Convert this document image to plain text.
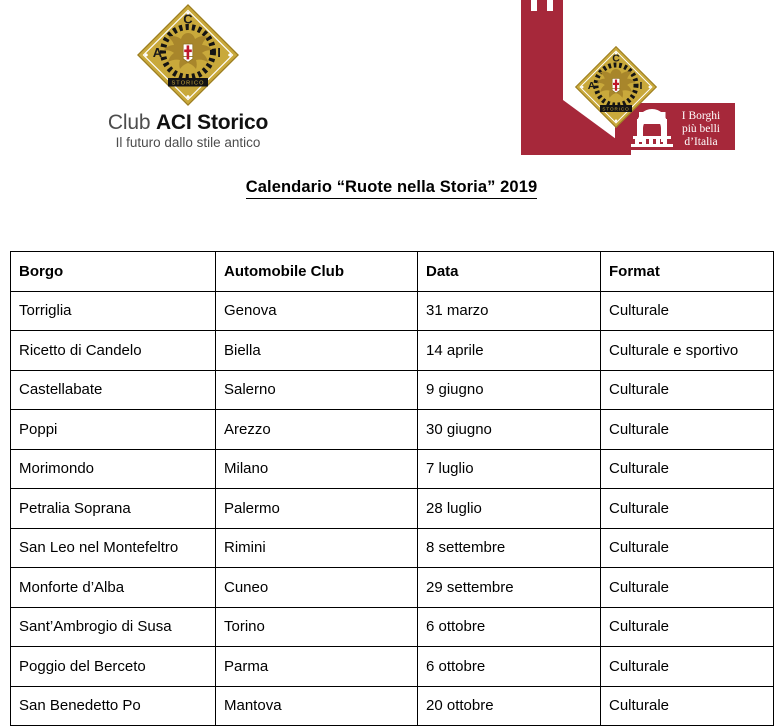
C
A	I
STORICO
Club ACI Storico
Il futuro dallo stile antico
C
A	I
STORICO
I Borghi
più belli
d’Italia
Calendario “Ruote nella Storia” 2019
Borgo	Automobile Club	Data	Format
Torriglia	Genova	31 marzo	Culturale
Ricetto di Candelo	Biella	14 aprile	Culturale e sportivo
Castellabate	Salerno	9 giugno	Culturale
Poppi	Arezzo	30 giugno	Culturale
Morimondo	Milano	7 luglio	Culturale
Petralia Soprana	Palermo	28 luglio	Culturale
San Leo nel Montefeltro	Rimini	8 settembre	Culturale
Monforte d’Alba	Cuneo	29 settembre	Culturale
Sant’Ambrogio di Susa	Torino	6 ottobre	Culturale
Poggio del Berceto	Parma	6 ottobre	Culturale
San Benedetto Po	Mantova	20 ottobre	Culturale
